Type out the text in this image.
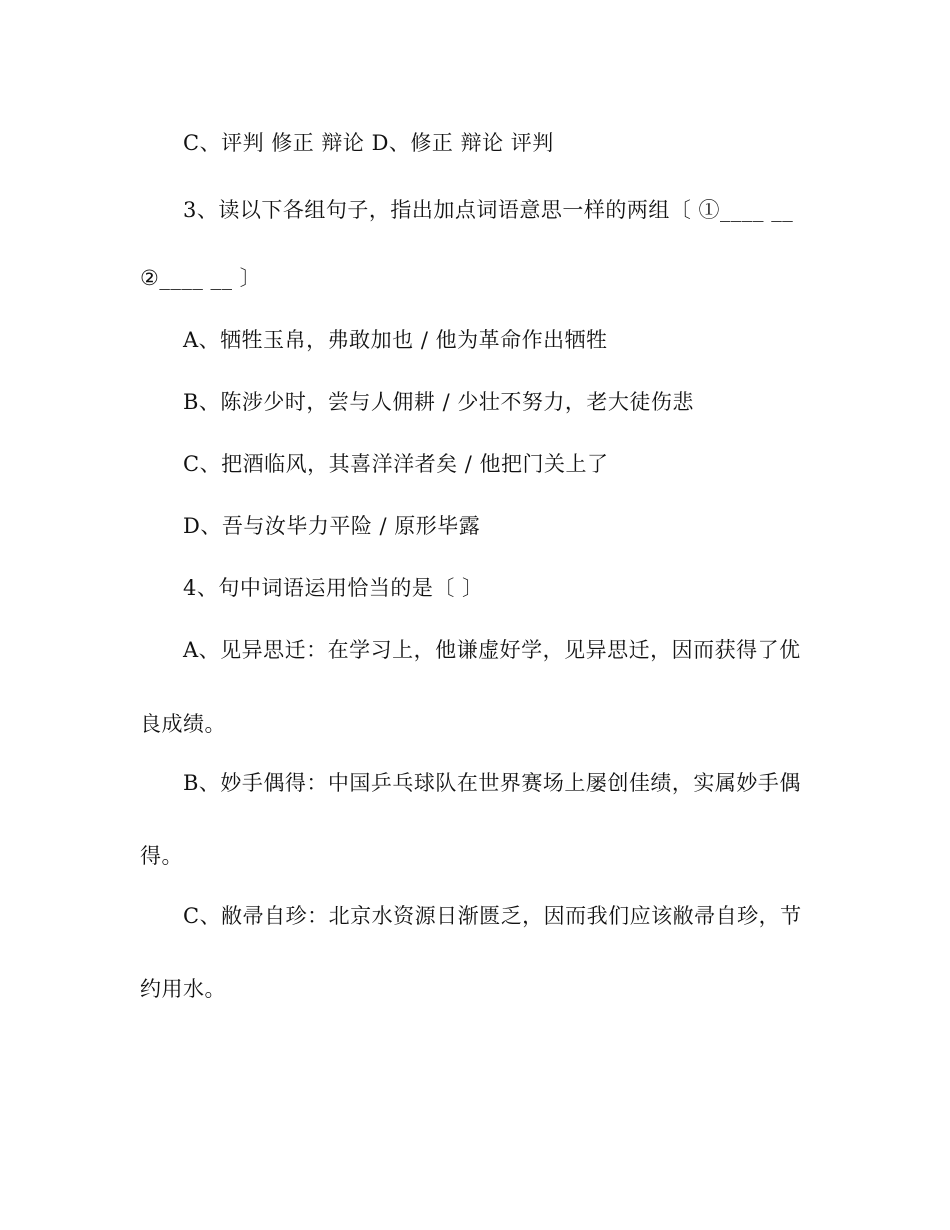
C、评判 修正 辩论 D、修正 辩论 评判
3、读以下各组句子，指出加点词语意思一样的两组〔 ①____ __
②____ __ 〕
A、牺牲玉帛，弗敢加也 / 他为革命作出牺牲
B、陈涉少时，尝与人佣耕 / 少壮不努力，老大徒伤悲
C、把酒临风，其喜洋洋者矣 / 他把门关上了
D、吾与汝毕力平险 / 原形毕露
4、句中词语运用恰当的是〔 〕
A、见异思迁：在学习上，他谦虚好学，见异思迁，因而获得了优
良成绩。
B、妙手偶得：中国乒乓球队在世界赛场上屡创佳绩，实属妙手偶
得。
C、敝帚自珍：北京水资源日渐匮乏，因而我们应该敝帚自珍，节
约用水。
